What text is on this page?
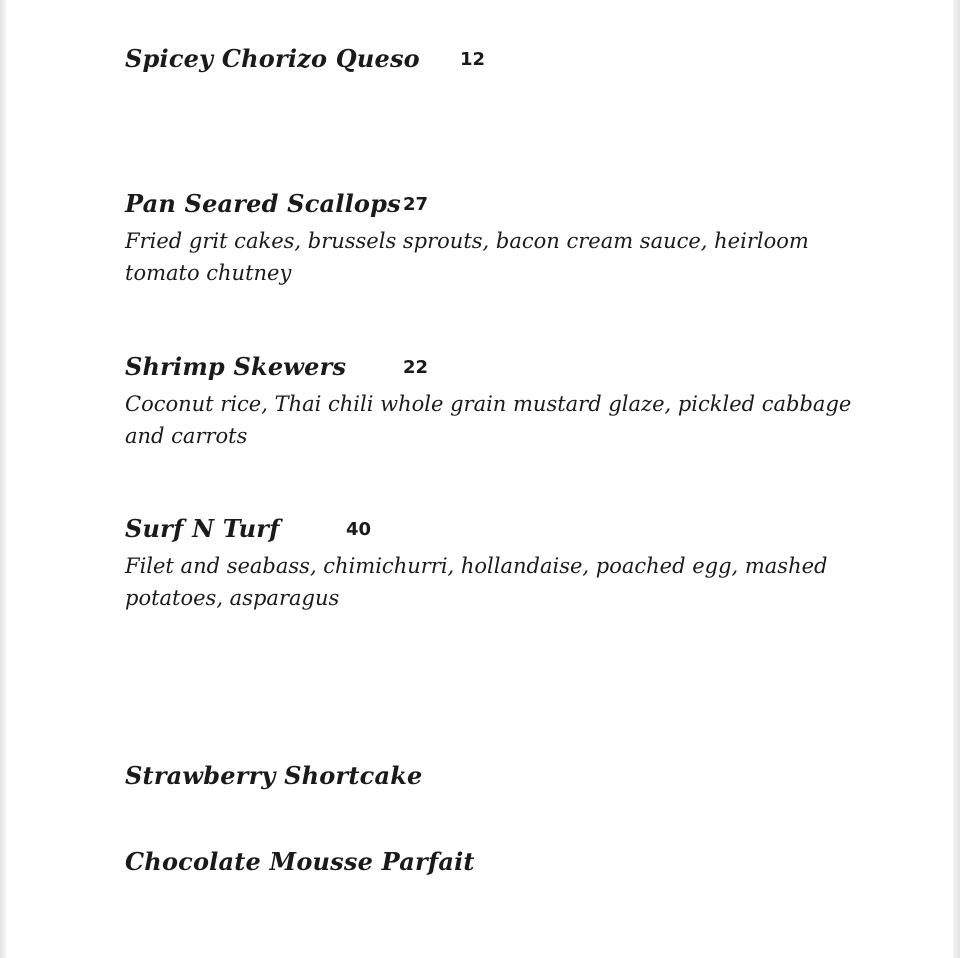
Spicey Chorizo Queso 12
Pan Seared Scallops 27
Fried grit cakes, brussels sprouts, bacon cream sauce, heirloom tomato chutney
Shrimp Skewers	22
Coconut rice, Thai chili whole grain mustard glaze, pickled cabbage and carrots
Surf N Turf	40
Filet and seabass, chimichurri, hollandaise, poached egg, mashed potatoes, asparagus
Strawberry Shortcake
Chocolate Mousse Parfait
